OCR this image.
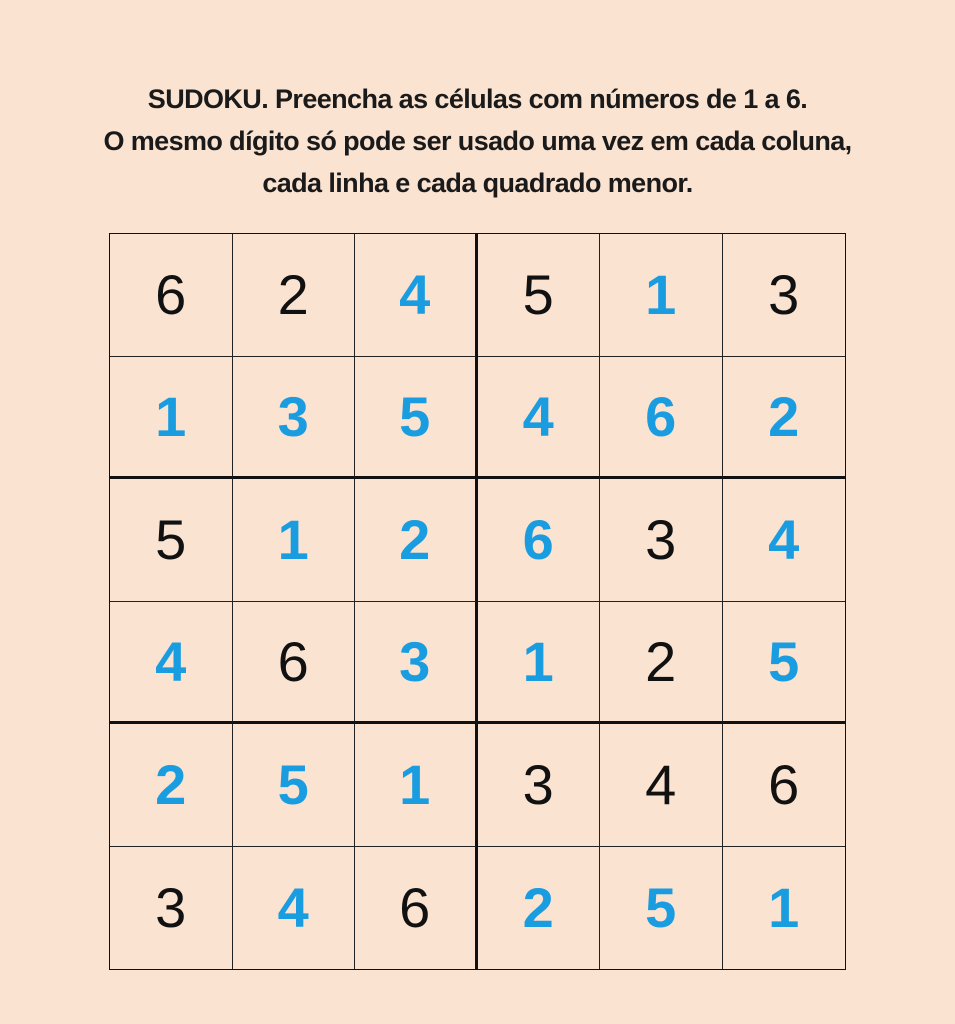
SUDOKU. Preencha as células com números de 1 a 6.
O mesmo dígito só pode ser usado uma vez em cada coluna,
cada linha e cada quadrado menor.
6	2	4	5	1	3
1	3	5	4	6	2
5	1	2	6	3	4
4	6	3	1	2	5
2	5	1	3	4	6
3	4	6	2	5	1
